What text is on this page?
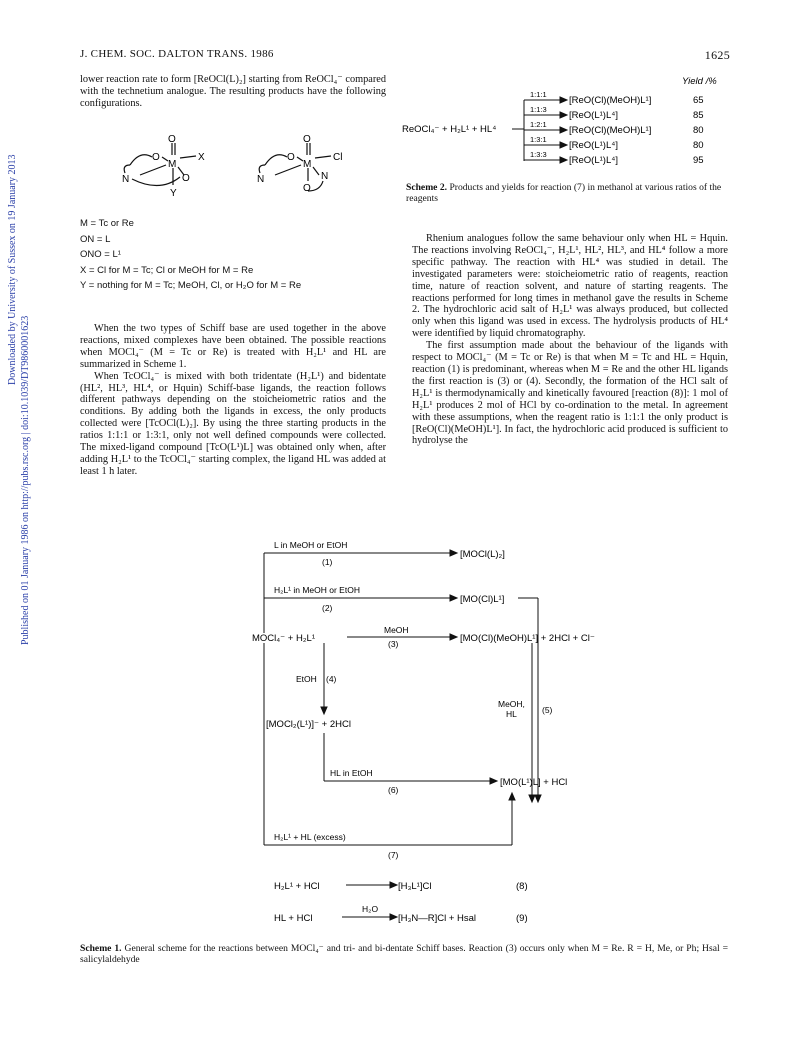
J. CHEM. SOC. DALTON TRANS. 1986	1625
Downloaded by University of Sussex on 19 January 2013
Published on 01 January 1986 on http://pubs.rsc.org | doi:10.1039/DT9860001623

lower reaction rate to form [ReOCl(L)₂] starting from ReOCl₄⁻ compared with the technetium analogue. The resulting products have the following configurations.

O
O
M
X
N	O
Y
O
O
M
Cl
N
O
N
M = Tc or Re
ON = L
ONO = L¹
X = Cl for M = Tc; Cl or MeOH for M = Re
Y = nothing for M = Tc; MeOH, Cl, or H₂O for M = Re

When the two types of Schiff base are used together in the above reactions, mixed complexes have been obtained. The possible reactions when MOCl₄⁻ (M = Tc or Re) is treated with H₂L¹ and HL are summarized in Scheme 1.

When TcOCl₄⁻ is mixed with both tridentate (H₂L¹) and bidentate (HL², HL³, HL⁴, or Hquin) Schiff-base ligands, the reaction follows different pathways depending on the stoicheiometric ratios and the conditions. By adding both the ligands in excess, the only products collected were [TcOCl(L)₂]. By using the three starting products in the ratios 1:1:1 or 1:3:1, only not well defined compounds were collected. The mixed-ligand compound [TcO(L¹)L] was obtained only when, after adding H₂L¹ to the TcOCl₄⁻ starting complex, the ligand HL was added at least 1 h later.

Yield /%
ReOCl₄⁻ + H₂L¹ + HL⁴
1:1:1
[ReO(Cl)(MeOH)L¹]	65
1:1:3
[ReO(L¹)L⁴]	85
1:2:1
[ReO(Cl)(MeOH)L¹]	80
1:3:1
[ReO(L¹)L⁴]	80
1:3:3
[ReO(L¹)L⁴]	95
Scheme 2. Products and yields for reaction (7) in methanol at various ratios of the reagents

Rhenium analogues follow the same behaviour only when HL = Hquin. The reactions involving ReOCl₄⁻, H₂L¹, HL², HL³, and HL⁴ follow a more specific pathway. The reaction with HL⁴ was studied in detail. The investigated parameters were: stoicheiometric ratio of reagents, reaction time, nature of reaction solvent, and nature of starting reagents. The reactions performed for long times in methanol gave the results in Scheme 2. The hydrochloric acid salt of H₂L¹ was always produced, but collected only when this ligand was used in excess. The hydrolysis products of HL⁴ were identified by liquid chromatography.

The first assumption made about the behaviour of the ligands with respect to MOCl₄⁻ (M = Tc or Re) is that when M = Tc and HL = Hquin, reaction (1) is predominant, whereas when M = Re and the other HL ligands the first reaction is (3) or (4). Secondly, the formation of the HCl salt of H₂L¹ is thermodynamically and kinetically favoured [reaction (8)]: 1 mol of H₂L¹ produces 2 mol of HCl by co-ordination to the metal. In agreement with these assumptions, when the reagent ratio is 1:1:1 the only product is [ReO(Cl)(MeOH)L¹]. In fact, the hydrochloric acid produced is sufficient to hydrolyse the

L in MeOH or EtOH
(1)
[MOCl(L)₂]
H₂L¹ in MeOH or EtOH
(2)
[MO(Cl)L¹]
MOCl₄⁻ + H₂L¹
MeOH
(3)	[MO(Cl)(MeOH)L¹] + 2HCl + Cl⁻
EtOH (4)
[MOCl₂(L¹)]⁻ + 2HCl
MeOH,
HL	(5)
HL in EtOH
(6)
[MO(L¹)L] + HCl
H₂L¹ + HL (excess)
(7)
H₂L¹ + HCl	[H₃L¹]Cl	(8)
HL + HCl
H₂O
[H₃N—R]Cl + Hsal	(9)
Scheme 1. General scheme for the reactions between MOCl₄⁻ and tri- and bi-dentate Schiff bases. Reaction (3) occurs only when M = Re. R = H, Me, or Ph; Hsal = salicylaldehyde
